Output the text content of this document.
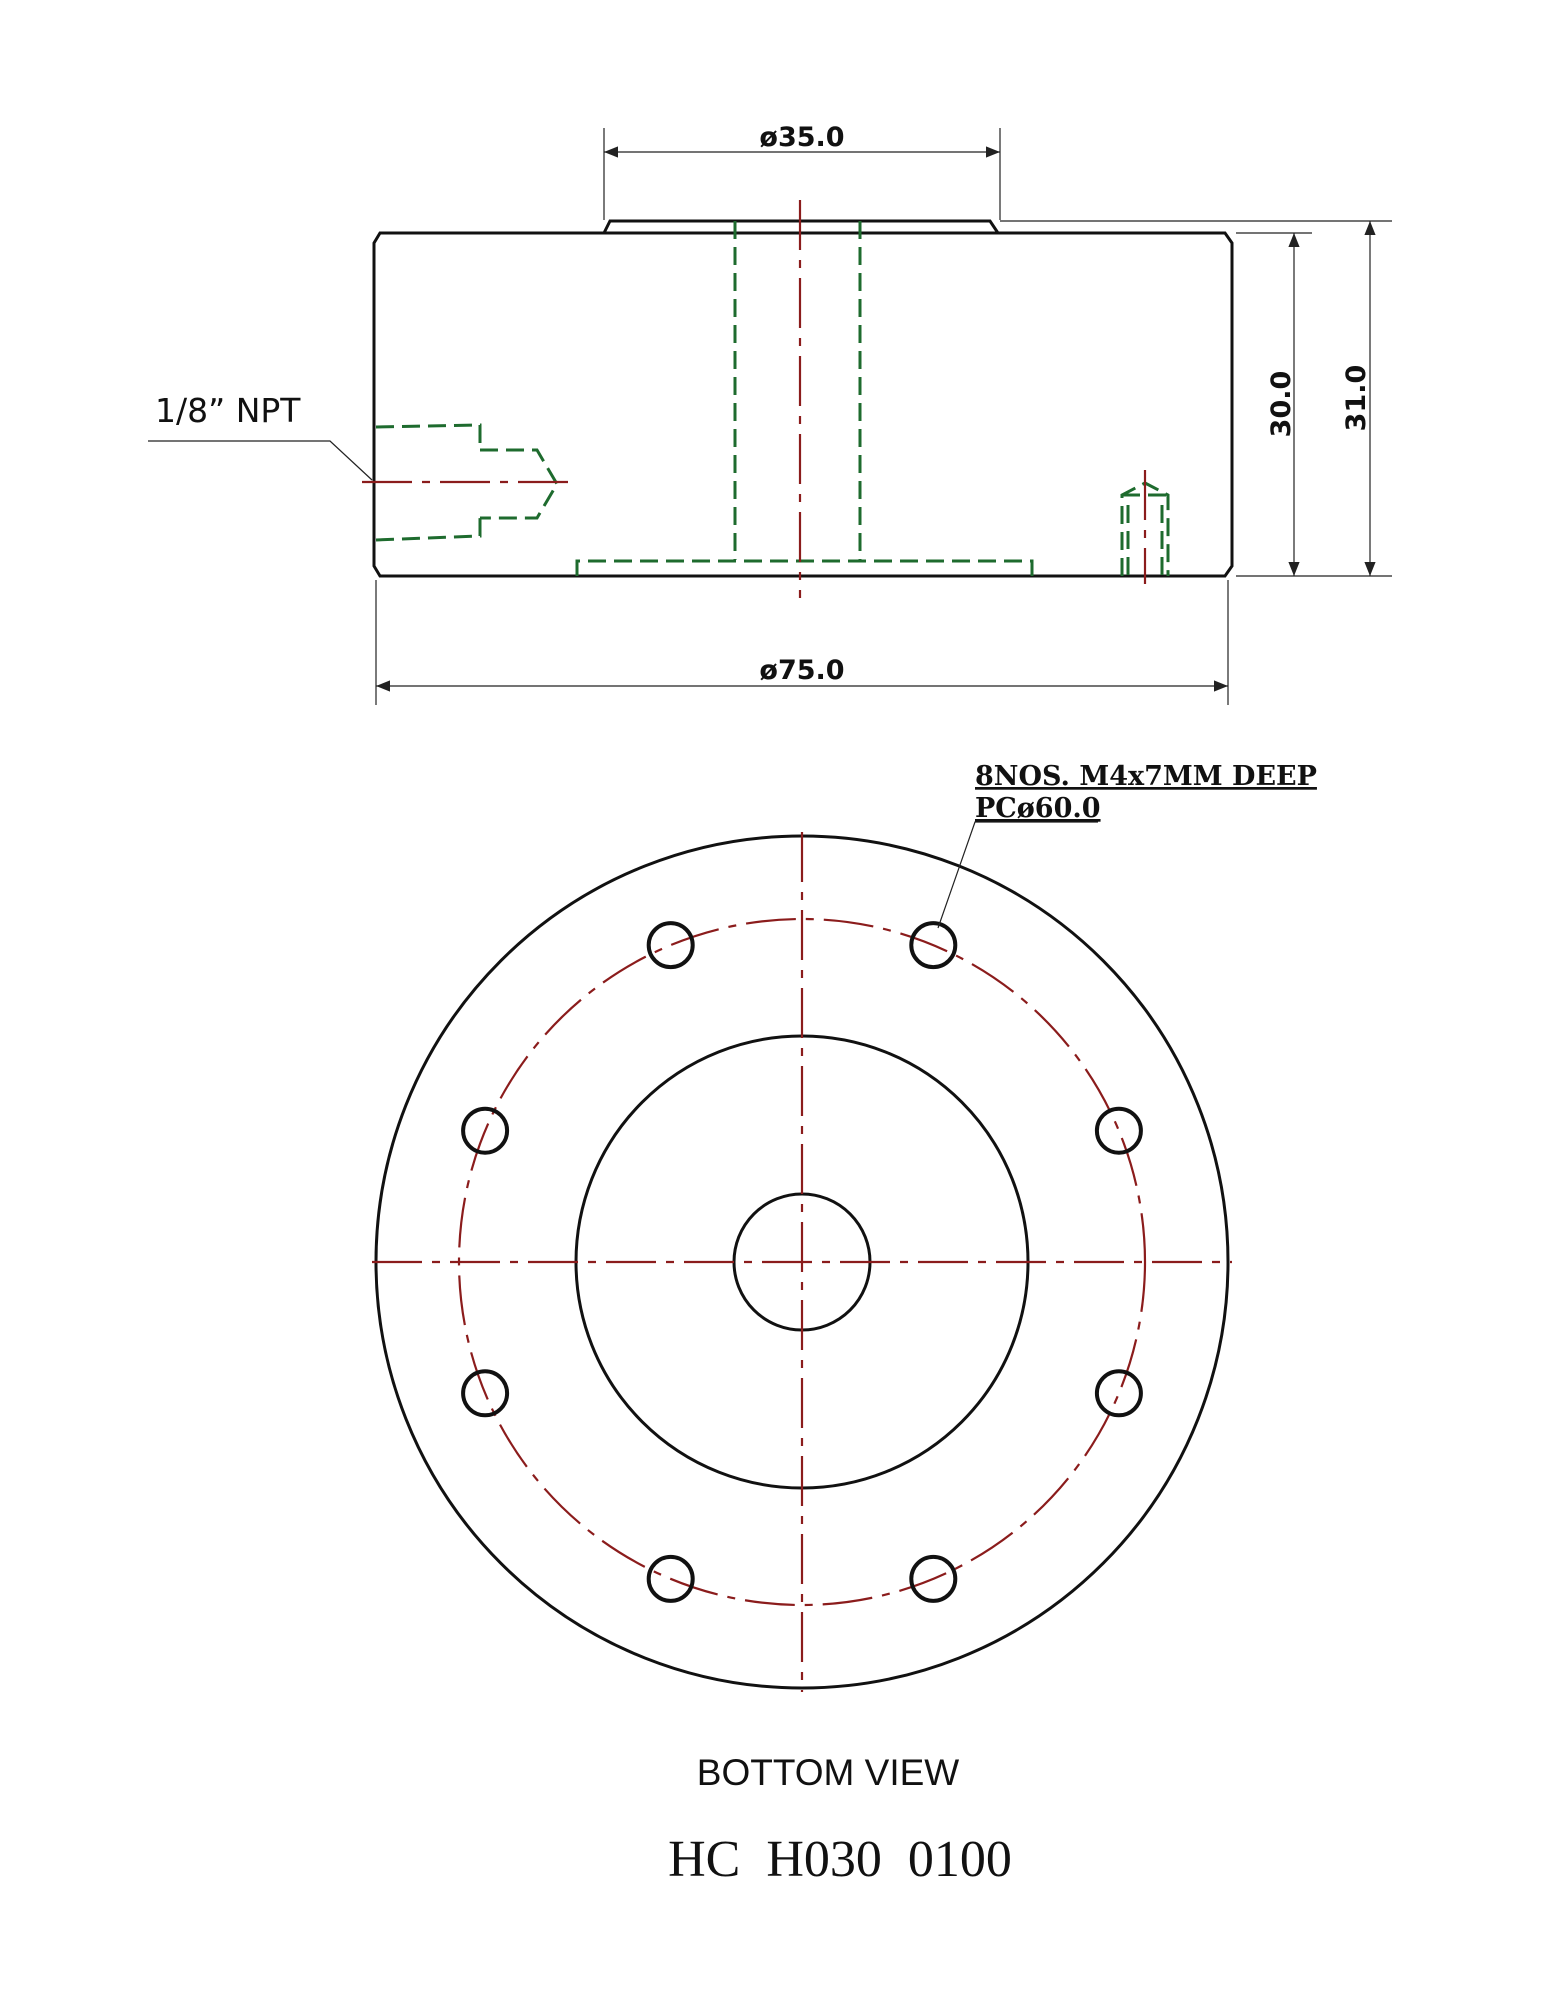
ø35.0
ø75.0
30.0 31.0
1/8” NPT
8NOS. M4x7MM DEEP
PCø60.0
BOTTOM VIEW
HC  H030  0100
